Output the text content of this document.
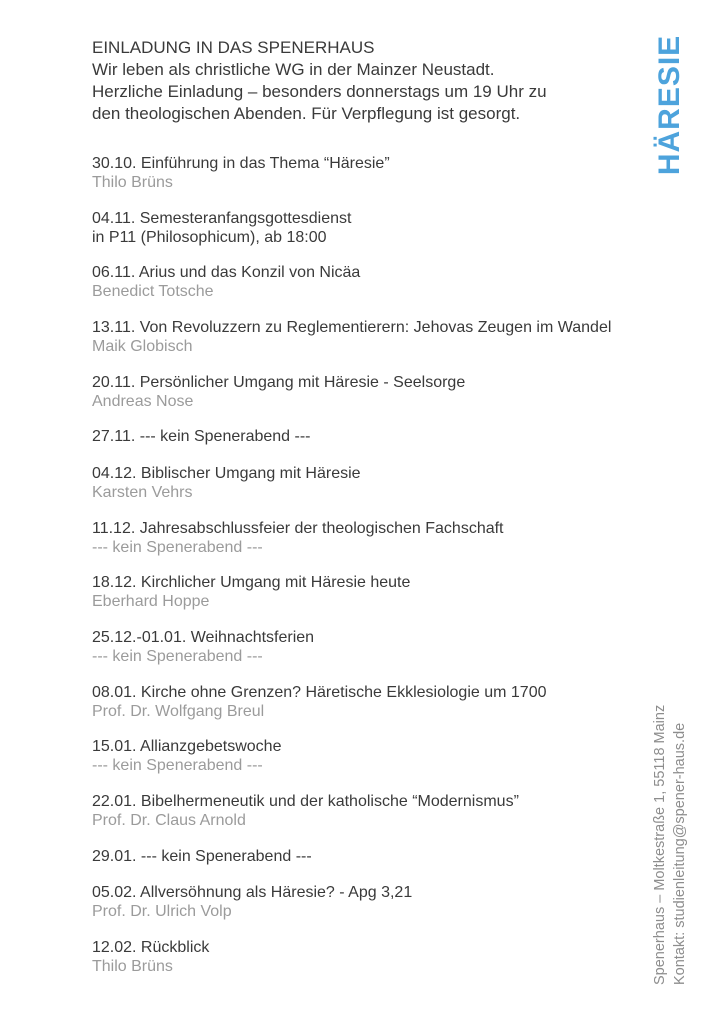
EINLADUNG IN DAS SPENERHAUS
Wir leben als christliche WG in der Mainzer Neustadt.
Herzliche Einladung – besonders donnerstags um 19 Uhr zu
den theologischen Abenden. Für Verpflegung ist gesorgt.	HÄRESIE
30.10. Einführung in das Thema “Häresie”
Thilo Brüns
04.11. Semesteranfangsgottesdienst
in P11 (Philosophicum), ab 18:00
06.11. Arius und das Konzil von Nicäa
Benedict Totsche
13.11. Von Revoluzzern zu Reglementierern: Jehovas Zeugen im Wandel
Maik Globisch
20.11. Persönlicher Umgang mit Häresie - Seelsorge
Andreas Nose
27.11. --- kein Spenerabend ---
04.12. Biblischer Umgang mit Häresie
Karsten Vehrs
11.12. Jahresabschlussfeier der theologischen Fachschaft
--- kein Spenerabend ---
18.12. Kirchlicher Umgang mit Häresie heute
Eberhard Hoppe
25.12.-01.01. Weihnachtsferien
--- kein Spenerabend ---
08.01. Kirche ohne Grenzen? Häretische Ekklesiologie um 1700
Prof. Dr. Wolfgang Breul
15.01. Allianzgebetswoche
--- kein Spenerabend ---
22.01. Bibelhermeneutik und der katholische “Modernismus”
Prof. Dr. Claus Arnold
29.01. --- kein Spenerabend ---
05.02. Allversöhnung als Häresie? - Apg 3,21
Prof. Dr. Ulrich Volp
12.02. Rückblick
Thilo Brüns	Spenerhaus – Moltkestraße 1, 55118 Mainz Kontakt: studienleitung@spener-haus.de
